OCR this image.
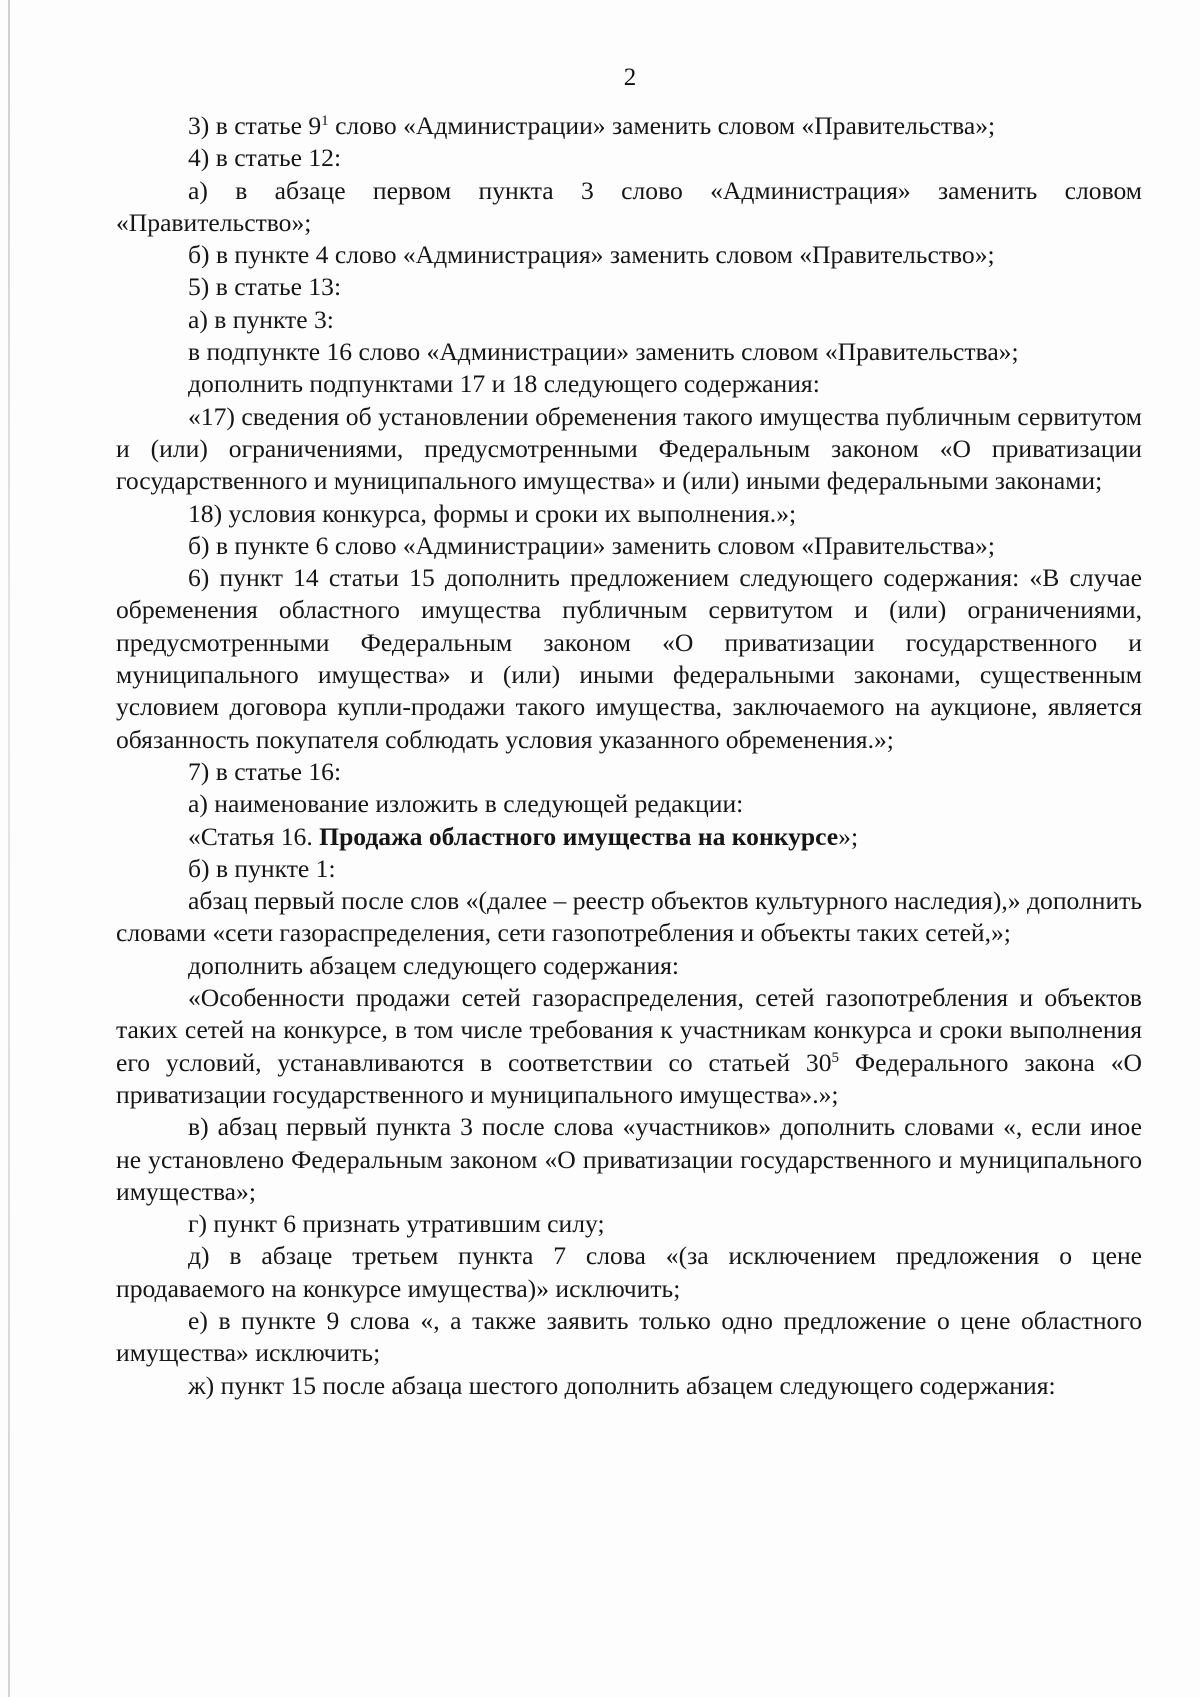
2

3) в статье $9^1$ слово «Администрации» заменить словом «Правительства»;

4) в статье 12:

а) в абзаце первом пункта 3 слово «Администрация» заменить словом «Правительство»;

б) в пункте 4 слово «Администрация» заменить словом «Правительство»;

5) в статье 13:

а) в пункте 3:

в подпункте 16 слово «Администрации» заменить словом «Правительства»;

дополнить подпунктами 17 и 18 следующего содержания:

«17) сведения об установлении обременения такого имущества публичным сервитутом и (или) ограничениями, предусмотренными Федеральным законом «О приватизации государственного и муниципального имущества» и (или) иными федеральными законами;

18) условия конкурса, формы и сроки их выполнения.»;

б) в пункте 6 слово «Администрации» заменить словом «Правительства»;

6) пункт 14 статьи 15 дополнить предложением следующего содержания: «В случае обременения областного имущества публичным сервитутом и (или) ограничениями, предусмотренными Федеральным законом «О приватизации государственного и муниципального имущества» и (или) иными федеральными законами, существенным условием договора купли-продажи такого имущества, заключаемого на аукционе, является обязанность покупателя соблюдать условия указанного обременения.»;

7) в статье 16:

а) наименование изложить в следующей редакции:

«Статья 16. Продажа областного имущества на конкурсе»;

б) в пункте 1:

абзац первый после слов «(далее – реестр объектов культурного наследия),» дополнить словами «сети газораспределения, сети газопотребления и объекты таких сетей,»;

дополнить абзацем следующего содержания:

«Особенности продажи сетей газораспределения, сетей газопотребления и объектов таких сетей на конкурсе, в том числе требования к участникам конкурса и сроки выполнения его условий, устанавливаются в соответствии со статьей $30^5$ Федерального закона «О приватизации государственного и муниципального имущества».»;

в) абзац первый пункта 3 после слова «участников» дополнить словами «, если иное не установлено Федеральным законом «О приватизации государственного и муниципального имущества»;

г) пункт 6 признать утратившим силу;

д) в абзаце третьем пункта 7 слова «(за исключением предложения о цене продаваемого на конкурсе имущества)» исключить;

е) в пункте 9 слова «, а также заявить только одно предложение о цене областного имущества» исключить;

ж) пункт 15 после абзаца шестого дополнить абзацем следующего содержания:
